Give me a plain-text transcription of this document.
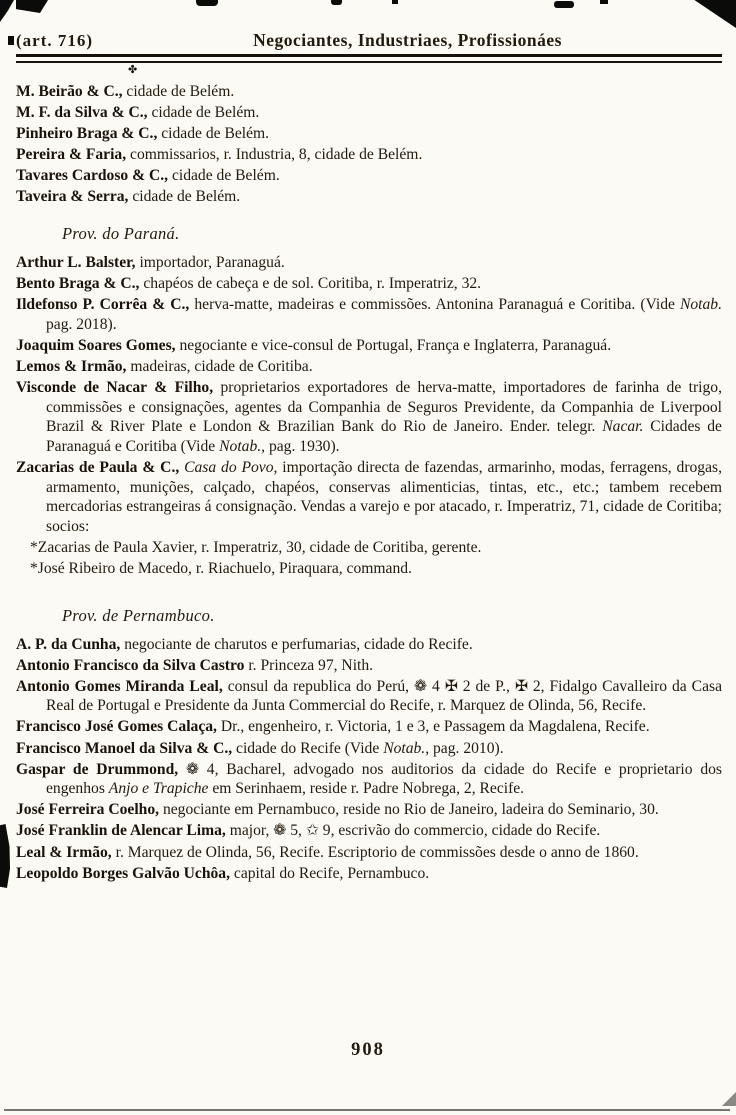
(art. 716)	Negociantes, Industriaes, Profissionáes
✤

M. Beirão & C., cidade de Belém.

M. F. da Silva & C., cidade de Belém.

Pinheiro Braga & C., cidade de Belém.

Pereira & Faria, commissarios, r. Industria, 8, cidade de Belém.

Tavares Cardoso & C., cidade de Belém.

Taveira & Serra, cidade de Belém.

Prov. do Paraná.

Arthur L. Balster, importador, Paranaguá.

Bento Braga & C., chapéos de cabeça e de sol. Coritiba, r. Imperatriz, 32.

Ildefonso P. Corrêa & C., herva-matte, madeiras e commissões. Antonina Paranaguá e Coritiba. (Vide Notab. pag. 2018).

Joaquim Soares Gomes, negociante e vice-consul de Portugal, França e Inglaterra, Paranaguá.

Lemos & Irmão, madeiras, cidade de Coritiba.

Visconde de Nacar & Filho, proprietarios exportadores de herva-matte, importadores de farinha de trigo, commissões e consignações, agentes da Companhia de Seguros Previdente, da Companhia de Liverpool Brazil & River Plate e London & Brazilian Bank do Rio de Janeiro. Ender. telegr. Nacar. Cidades de Paranaguá e Coritiba (Vide Notab., pag. 1930).

Zacarias de Paula & C., Casa do Povo, importação directa de fazendas, armarinho, modas, ferragens, drogas, armamento, munições, calçado, chapéos, conservas alimenticias, tintas, etc., etc.; tambem recebem mercadorias estrangeiras á consignação. Vendas a varejo e por atacado, r. Imperatriz, 71, cidade de Coritiba; socios:

*Zacarias de Paula Xavier, r. Imperatriz, 30, cidade de Coritiba, gerente.

*José Ribeiro de Macedo, r. Riachuelo, Piraquara, command.

Prov. de Pernambuco.

A. P. da Cunha, negociante de charutos e perfumarias, cidade do Recife.

Antonio Francisco da Silva Castro r. Princeza 97, Nith.

Antonio Gomes Miranda Leal, consul da republica do Perú, ❁ 4 ✠ 2 de P., ✠ 2, Fidalgo Cavalleiro da Casa Real de Portugal e Presidente da Junta Commercial do Recife, r. Marquez de Olinda, 56, Recife.

Francisco José Gomes Calaça, Dr., engenheiro, r. Victoria, 1 e 3, e Passagem da Magdalena, Recife.

Francisco Manoel da Silva & C., cidade do Recife (Vide Notab., pag. 2010).

Gaspar de Drummond, ❁ 4, Bacharel, advogado nos auditorios da cidade do Recife e proprietario dos engenhos Anjo e Trapiche em Serinhaem, reside r. Padre Nobrega, 2, Recife.

José Ferreira Coelho, negociante em Pernambuco, reside no Rio de Janeiro, ladeira do Seminario, 30.

José Franklin de Alencar Lima, major, ❁ 5, ✩ 9, escrivão do commercio, cidade do Recife.

Leal & Irmão, r. Marquez de Olinda, 56, Recife. Escriptorio de commissões desde o anno de 1860.

Leopoldo Borges Galvão Uchôa, capital do Recife, Pernambuco.

908
